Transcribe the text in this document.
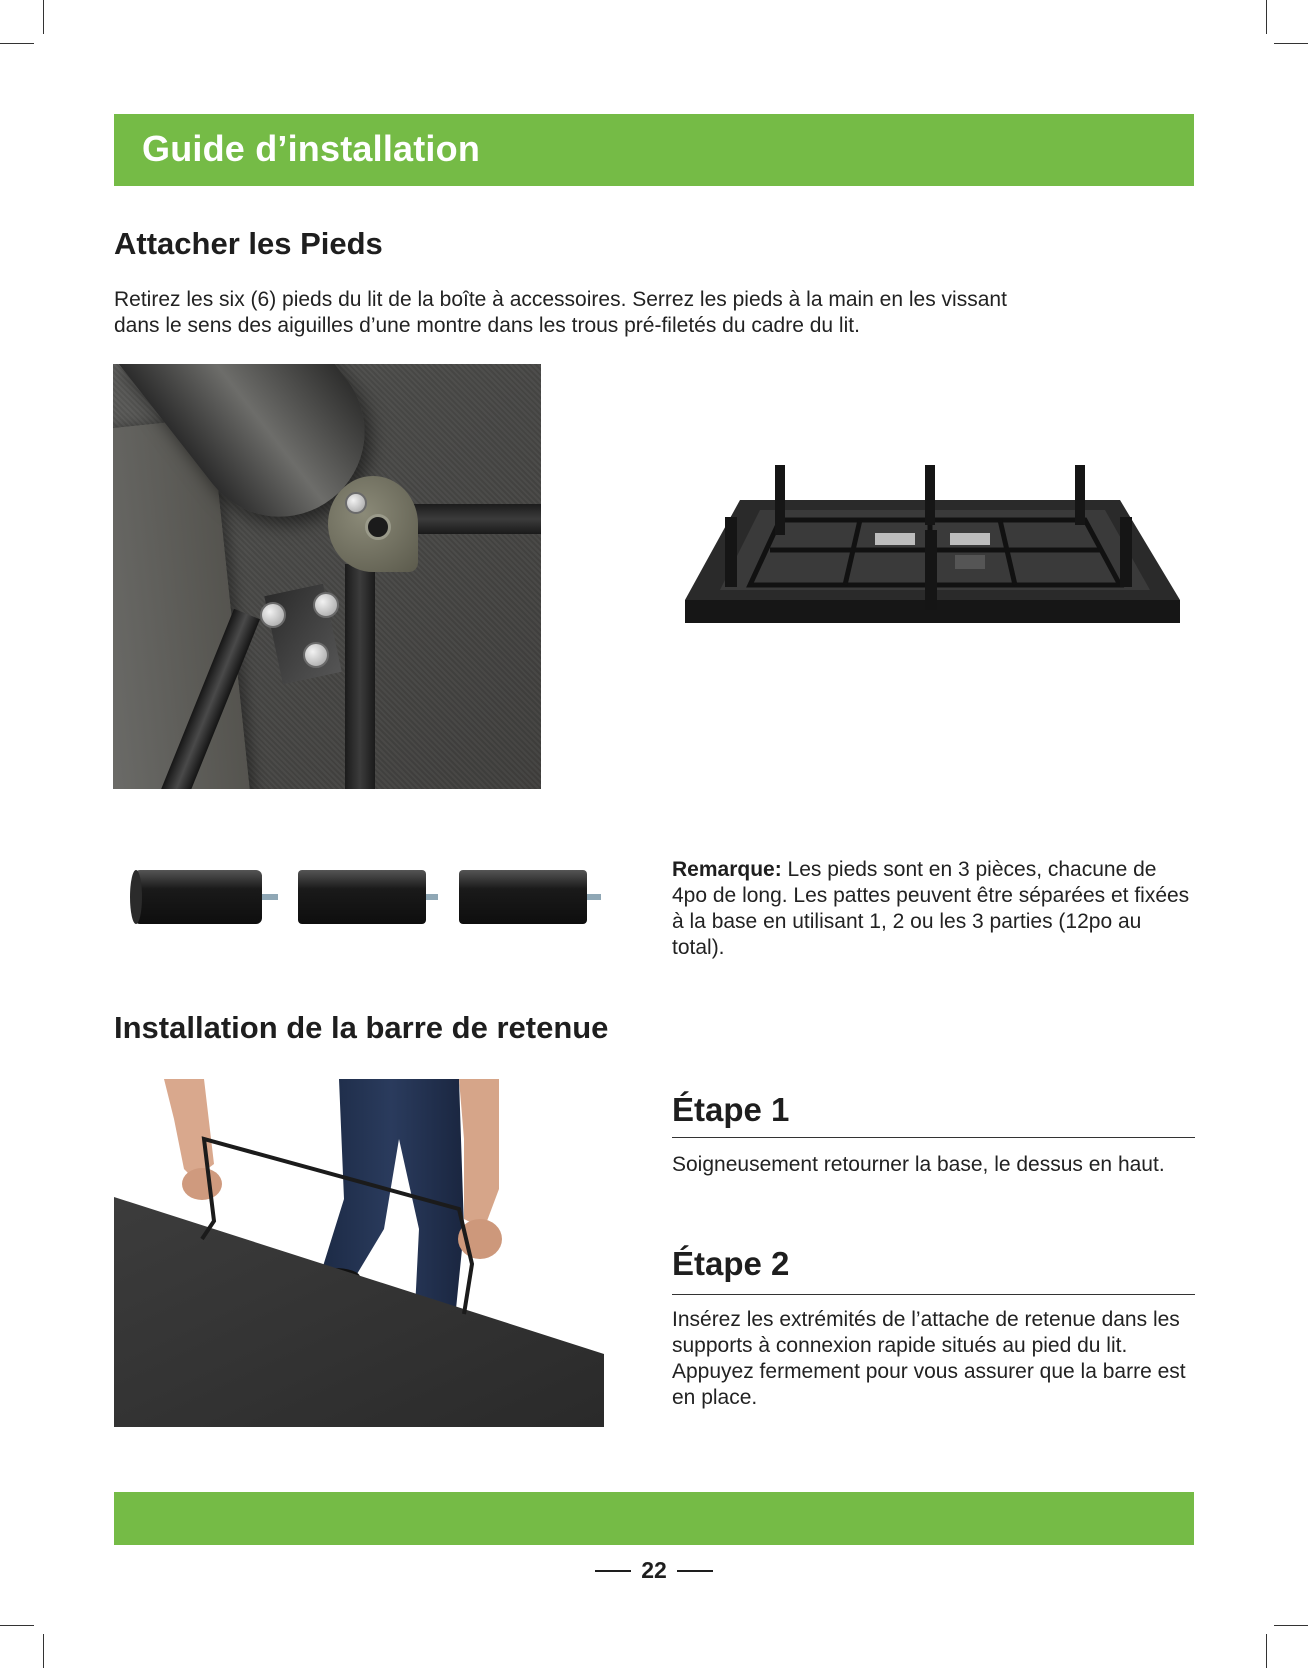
Guide d’installation
Attacher les Pieds
Retirez les six (6) pieds du lit de la boîte à accessoires. Serrez les pieds à la main en les vissant
dans le sens des aiguilles d’une montre dans les trous pré-filetés du cadre du lit.
Remarque: Les pieds sont en 3 pièces, chacune de 4po de long. Les pattes peuvent être séparées et fixées à la base en utilisant 1, 2 ou les 3 parties (12po au total).
Installation de la barre de retenue
Étape 1
Soigneusement retourner la base, le dessus en haut.
Étape 2
Insérez les extrémités de l’attache de retenue dans les supports à connexion rapide situés au pied du lit. Appuyez fermement pour vous assurer que la barre est en place.
22
